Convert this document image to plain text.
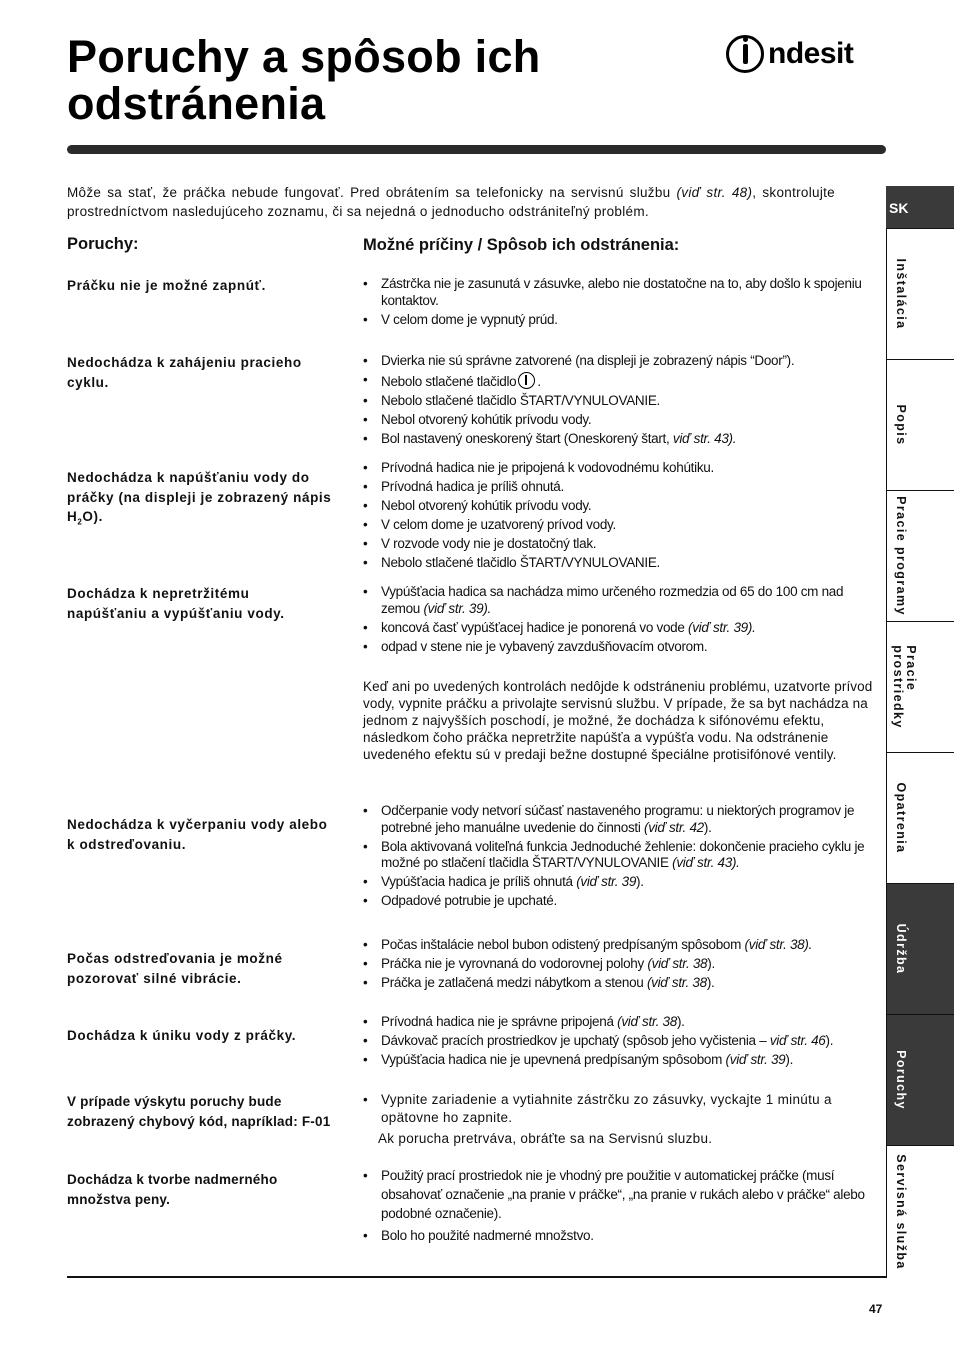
Poruchy a spôsob ich
odstránenia
ndesit

Môže sa stať, že práčka nebude fungovať. Pred obrátením sa telefonicky na servisnú službu (viď str. 48), skontrolujte prostredníctvom nasledujúceho zoznamu, či sa nejedná o jednoducho odstrániteľný problém.

Poruchy:	Možné príčiny / Spôsob ich odstránenia:

Práčku nie je možné zapnúť.

•	Zástrčka nie je zasunutá v zásuvke, alebo nie dostatočne na to, aby došlo k spojeniu kontaktov.
• V celom dome je vypnutý prúd.

Nedochádza k zahájeniu pracieho cyklu.

• Dvierka nie sú správne zatvorené (na displeji je zobrazený nápis “Door”).
• Nebolo stlačené tlačidlo .
• Nebolo stlačené tlačidlo ŠTART/VYNULOVANIE.
• Nebol otvorený kohútik prívodu vody.
• Bol nastavený oneskorený štart (Oneskorený štart, viď str. 43).

Nedochádza k napúšťaniu vody do práčky (na displeji je zobrazený nápis $H_2O$).

• Prívodná hadica nie je pripojená k vodovodnému kohútiku.
• Prívodná hadica je príliš ohnutá.
• Nebol otvorený kohútik prívodu vody.
• V celom dome je uzatvorený prívod vody.
• V rozvode vody nie je dostatočný tlak.
• Nebolo stlačené tlačidlo ŠTART/VYNULOVANIE.

Dochádza k nepretržitému napúšťaniu a vypúšťaniu vody.

• Vypúšťacia hadica sa nachádza mimo určeného rozmedzia od 65 do 100 cm nad zemou (viď str. 39).
• koncová časť vypúšťacej hadice je ponorená vo vode (viď str. 39).
• odpad v stene nie je vybavený zavzdušňovacím otvorom.

Keď ani po uvedených kontrolách nedôjde k odstráneniu problému, uzatvorte prívod vody, vypnite práčku a privolajte servisnú službu. V prípade, že sa byt nachádza na jednom z najvyšších poschodí, je možné, že dochádza k sifónovému efektu, následkom čoho práčka nepretržite napúšťa a vypúšťa vodu. Na odstránenie uvedeného efektu sú v predaji bežne dostupné špeciálne protisifónové ventily.

Nedochádza k vyčerpaniu vody alebo k odstreďovaniu.

• Odčerpanie vody netvorí súčasť nastaveného programu: u niektorých programov je potrebné jeho manuálne uvedenie do činnosti (viď str. 42).
• Bola aktivovaná voliteľná funkcia Jednoduché žehlenie: dokončenie pracieho cyklu je možné po stlačení tlačidla ŠTART/VYNULOVANIE (viď str. 43).
• Vypúšťacia hadica je príliš ohnutá (viď str. 39).
• Odpadové potrubie je upchaté.

Počas odstreďovania je možné pozorovať silné vibrácie.

• Počas inštalácie nebol bubon odistený predpísaným spôsobom (viď str. 38).
• Práčka nie je vyrovnaná do vodorovnej polohy (viď str. 38).
• Práčka je zatlačená medzi nábytkom a stenou (viď str. 38).

Dochádza k úniku vody z práčky.

• Prívodná hadica nie je správne pripojená (viď str. 38).
• Dávkovač pracích prostriedkov je upchatý (spôsob jeho vyčistenia – viď str. 46).
• Vypúšťacia hadica nie je upevnená predpísaným spôsobom (viď str. 39).

V prípade výskytu poruchy bude zobrazený chybový kód, napríklad: F-01

• Vypnite zariadenie a vytiahnite zástrčku zo zásuvky, vyckajte 1 minútu a opätovne ho zapnite.
Ak porucha pretrváva, obráťte sa na Servisnú sluzbu.

Dochádza k tvorbe nadmerného množstva peny.

• Použitý prací prostriedok nie je vhodný pre použitie v automatickej práčke (musí obsahovať označenie „na pranie v práčke“, „na pranie v rukách alebo v práčke“ alebo podobné označenie).
• Bolo ho použité nadmerné množstvo.
47
SK
Inštalácia
Popis
Pracie programy
Pracie
prostriedky
Opatrenia
Údržba
Poruchy
Servisná služba
